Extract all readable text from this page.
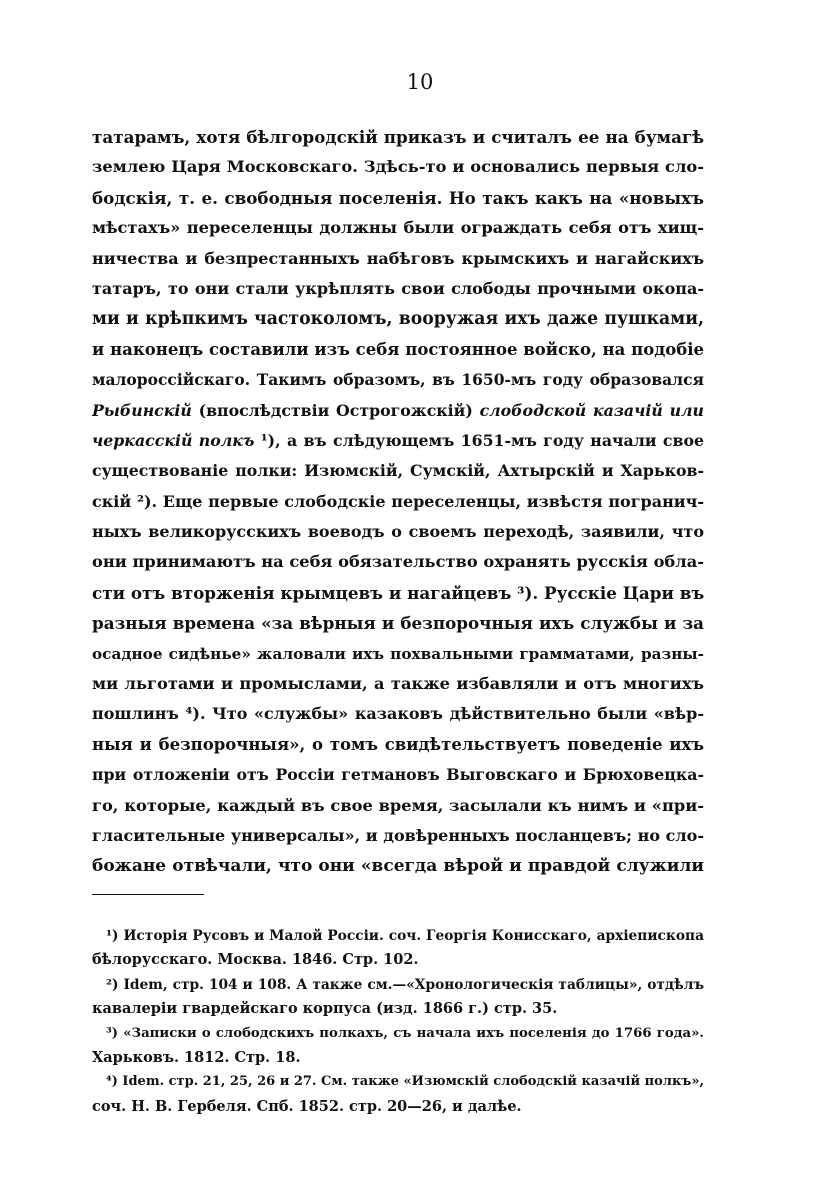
10
татарамъ, хотя бѣлгородскій приказъ и считалъ ее на бумагѣ
землею Царя Московскаго. Здѣсь-то и основались первыя сло-
бодскія, т. е. свободныя поселенія. Но такъ какъ на «новыхъ
мѣстахъ» переселенцы должны были ограждать себя отъ хищ-
ничества и безпрестанныхъ набѣговъ крымскихъ и нагайскихъ
татаръ, то они стали укрѣплять свои слободы прочными окопа-
ми и крѣпкимъ частоколомъ, вооружая ихъ даже пушками,
и наконецъ составили изъ себя постоянное войско, на подобіе
малороссійскаго. Такимъ образомъ, въ 1650-мъ году образовался
Рыбинскій (впослѣдствіи Острогожскій) слободской казачій или
черкасскій полкъ ¹), а въ слѣдующемъ 1651-мъ году начали свое
существованіе полки: Изюмскій, Сумскій, Ахтырскій и Харьков-
скій ²). Еще первые слободскіе переселенцы, извѣстя погранич-
ныхъ великорусскихъ воеводъ о своемъ переходѣ, заявили, что
они принимаютъ на себя обязательство охранять русскія обла-
сти отъ вторженія крымцевъ и нагайцевъ ³). Русскіе Цари въ
разныя времена «за вѣрныя и безпорочныя ихъ службы и за
осадное сидѣнье» жаловали ихъ похвальными грамматами, разны-
ми льготами и промыслами, а также избавляли и отъ многихъ
пошлинъ ⁴). Что «службы» казаковъ дѣйствительно были «вѣр-
ныя и безпорочныя», о томъ свидѣтельствуетъ поведеніе ихъ
при отложеніи отъ Россіи гетмановъ Выговскаго и Брюховецка-
го, которые, каждый въ свое время, засылали къ нимъ и «при-
гласительные универсалы», и довѣренныхъ посланцевъ; но сло-
божане отвѣчали, что они «всегда вѣрой и правдой служили
¹) Исторія Русовъ и Малой Россіи. соч. Георгія Конисскаго, архіепископа
бѣлорусскаго. Москва. 1846. Стр. 102.
²) Idem, стр. 104 и 108. А также см.—«Хронологическія таблицы», отдѣлъ
кавалеріи гвардейскаго корпуса (изд. 1866 г.) стр. 35.
³) «Записки о слободскихъ полкахъ, съ начала ихъ поселенія до 1766 года».
Харьковъ. 1812. Стр. 18.
⁴) Idem. стр. 21, 25, 26 и 27. См. также «Изюмскій слободскій казачій полкъ»,
соч. Н. В. Гербеля. Спб. 1852. стр. 20—26, и далѣе.
